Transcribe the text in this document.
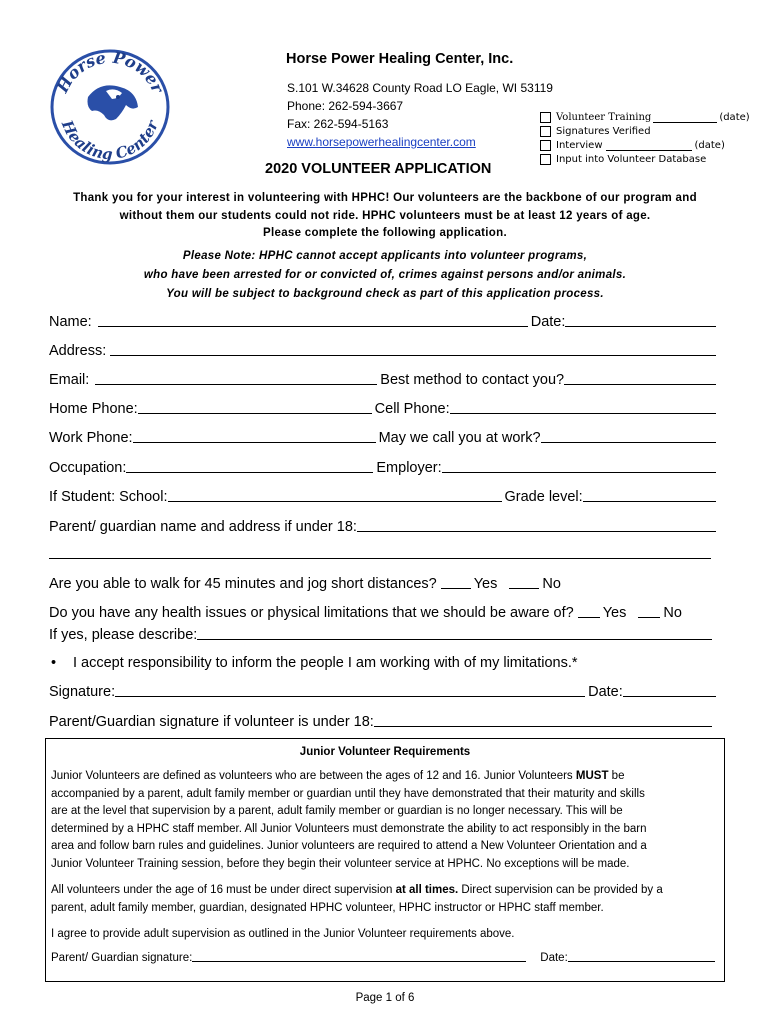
Horse Power
Healing Center
Horse Power Healing Center, Inc.
S.101 W.34628 County Road LO Eagle, WI 53119
Phone: 262-594-3667
Fax: 262-594-5163
www.horsepowerhealingcenter.com
Volunteer Training	(date)
Signatures Verified
Interview	(date)
Input into Volunteer Database
2020 VOLUNTEER APPLICATION
Thank you for your interest in volunteering with HPHC! Our volunteers are the backbone of our program and
without them our students could not ride. HPHC volunteers must be at least 12 years of age.
Please complete the following application.
Please Note: HPHC cannot accept applicants into volunteer programs,
who have been arrested for or convicted of, crimes against persons and/or animals.
You will be subject to background check as part of this application process.
Name:	Date:
Address:
Email:	Best method to contact you?
Home Phone:	Cell Phone:
Work Phone:	May we call you at work?
Occupation:	Employer:
If Student: School:	Grade level:
Parent/ guardian name and address if under 18:
Are you able to walk for 45 minutes and jog short distances?	Yes	No
Do you have any health issues or physical limitations that we should be aware of? Yes	No
If yes, please describe:
•	I accept responsibility to inform the people I am working with of my limitations.*
Signature:	Date:
Parent/Guardian signature if volunteer is under 18:
Junior Volunteer Requirements
Junior Volunteers are defined as volunteers who are between the ages of 12 and 16. Junior Volunteers MUST be
accompanied by a parent, adult family member or guardian until they have demonstrated that their maturity and skills
are at the level that supervision by a parent, adult family member or guardian is no longer necessary. This will be
determined by a HPHC staff member. All Junior Volunteers must demonstrate the ability to act responsibly in the barn
area and follow barn rules and guidelines. Junior volunteers are required to attend a New Volunteer Orientation and a
Junior Volunteer Training session, before they begin their volunteer service at HPHC. No exceptions will be made.
All volunteers under the age of 16 must be under direct supervision at all times. Direct supervision can be provided by a
parent, adult family member, guardian, designated HPHC volunteer, HPHC instructor or HPHC staff member.
I agree to provide adult supervision as outlined in the Junior Volunteer requirements above.
Parent/ Guardian signature:	Date:
Page 1 of 6
